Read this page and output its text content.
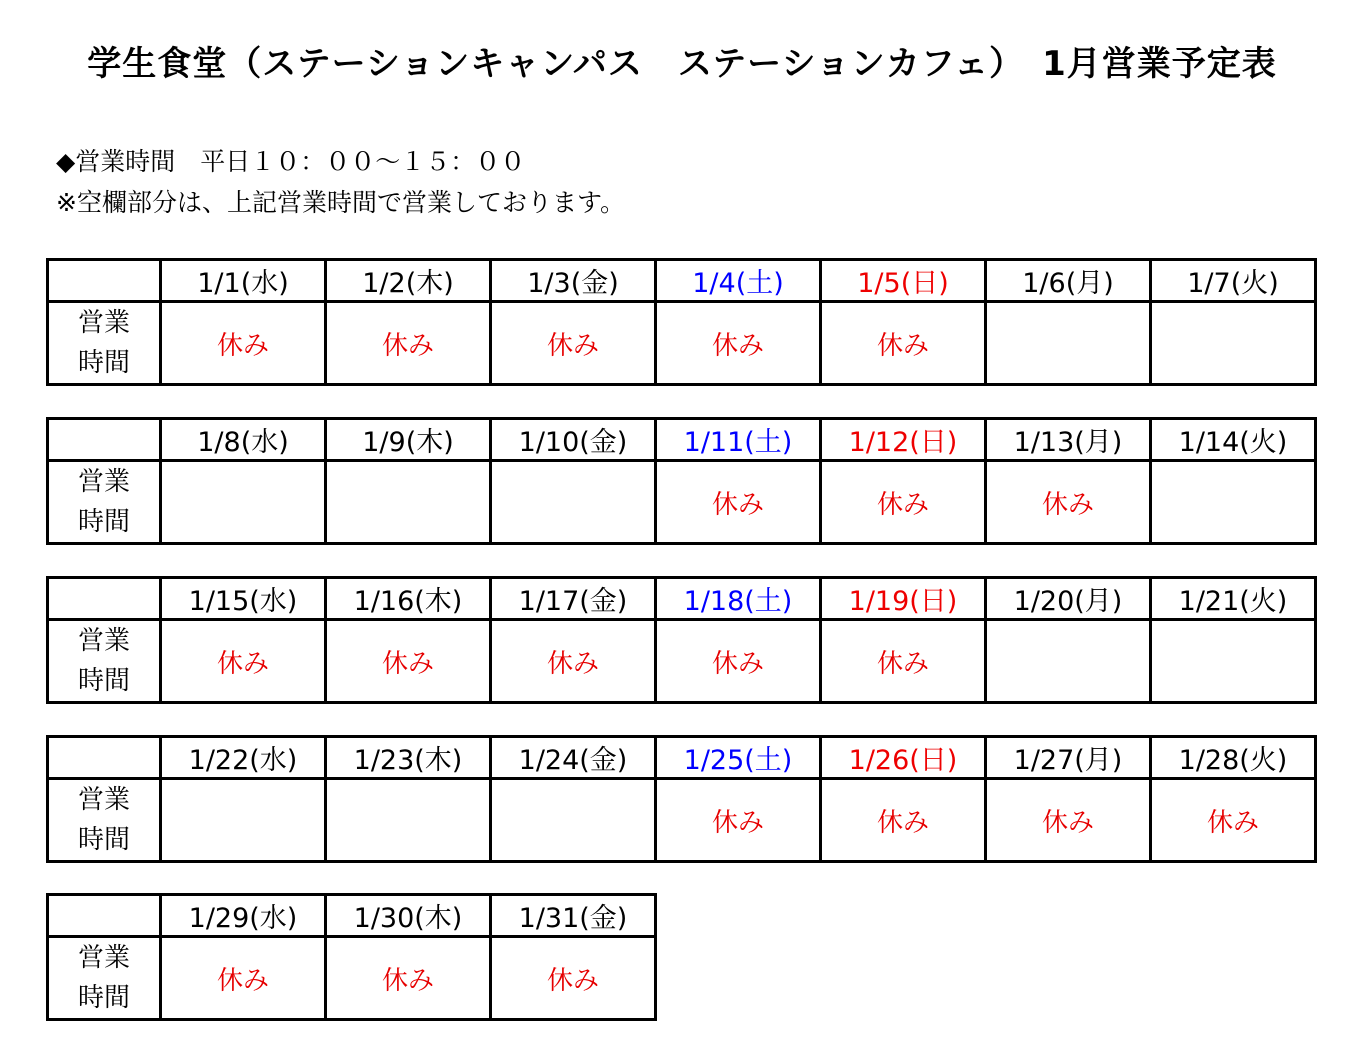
学生食堂（ステーションキャンパス　ステーションカフェ）　1月営業予定表
◆営業時間　平日１０：００～１５：００
※空欄部分は、上記営業時間で営業しております。
	1/1(水)	1/2(木)	1/3(金)	1/4(土)	1/5(日)	1/6(月)	1/7(火)
営業
時間	休み	休み	休み	休み	休み		
	1/8(水)	1/9(木)	1/10(金)	1/11(土)	1/12(日)	1/13(月)	1/14(火)
営業
時間				休み	休み	休み	
	1/15(水)	1/16(木)	1/17(金)	1/18(土)	1/19(日)	1/20(月)	1/21(火)
営業
時間	休み	休み	休み	休み	休み		
	1/22(水)	1/23(木)	1/24(金)	1/25(土)	1/26(日)	1/27(月)	1/28(火)
営業
時間				休み	休み	休み	休み
	1/29(水)	1/30(木)	1/31(金)
営業
時間	休み	休み	休み
